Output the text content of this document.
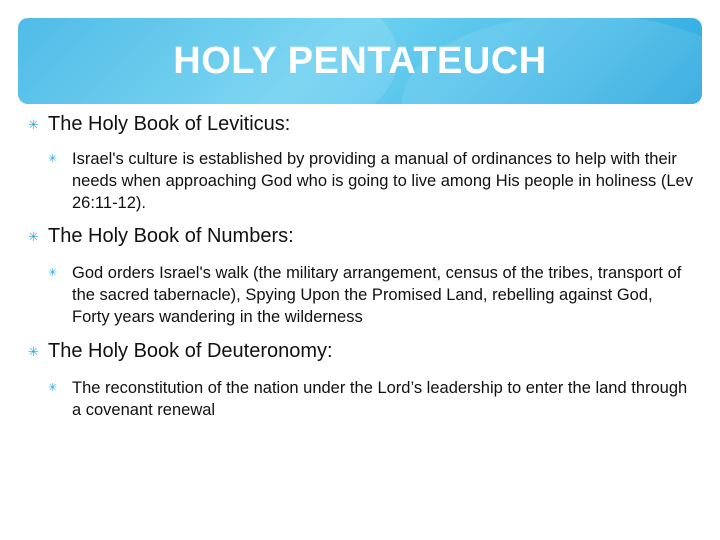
HOLY PENTATEUCH
✳ The Holy Book of Leviticus:
✳ Israel's culture is established by providing a manual of ordinances to help with their needs when approaching God who is going to live among His people in holiness (Lev 26:11-12).
✳ The Holy Book of Numbers:
✳ God orders Israel's walk (the military arrangement, census of the tribes, transport of the sacred tabernacle), Spying Upon the Promised Land, rebelling against God, Forty years wandering in the wilderness
✳ The Holy Book of Deuteronomy:
✳ The reconstitution of the nation under the Lord’s leadership to enter the land through a covenant renewal
